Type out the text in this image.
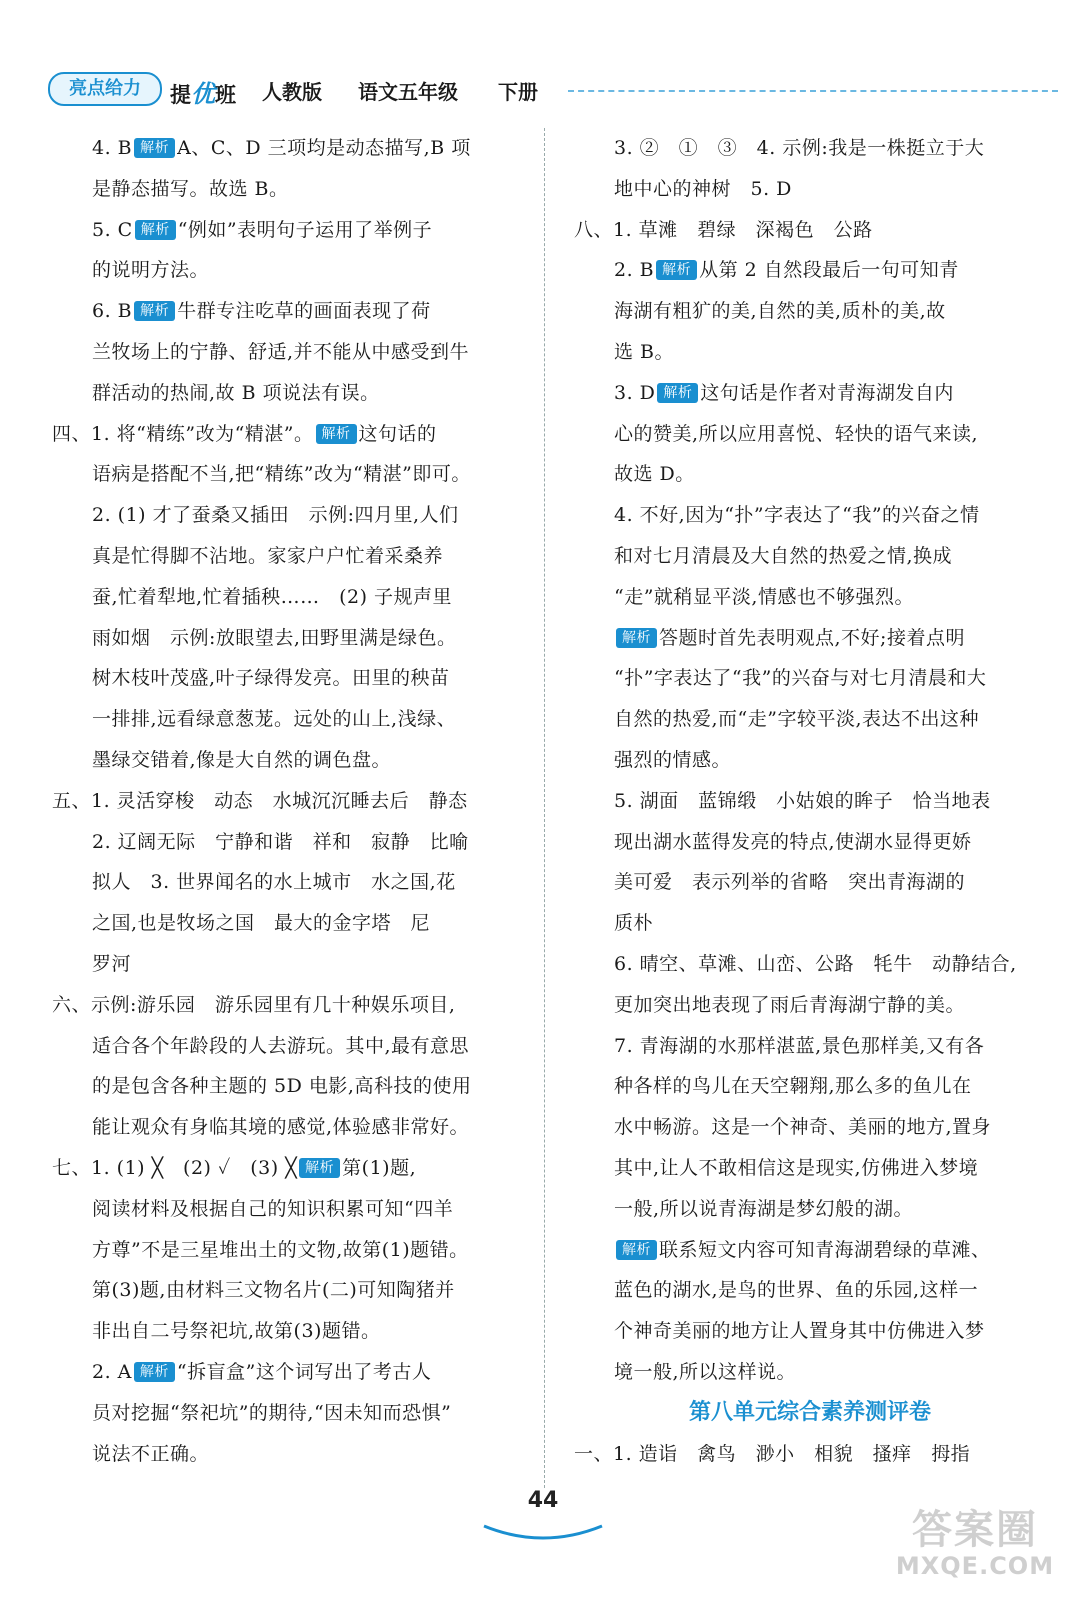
亮点给力	提优班 人教版 语文五年级 下册
4. B 解析 A、C、D 三项均是动态描写,B 项
是静态描写。故选 B。
5. C 解析 “例如”表明句子运用了举例子
的说明方法。
6. B 解析 牛群专注吃草的画面表现了荷
兰牧场上的宁静、舒适,并不能从中感受到牛
群活动的热闹,故 B 项说法有误。
四、1. 将“精练”改为“精湛”。 解析 这句话的
语病是搭配不当,把“精练”改为“精湛”即可。
2. (1) 才了蚕桑又插田　示例:四月里,人们
真是忙得脚不沾地。家家户户忙着采桑养
蚕,忙着犁地,忙着插秧……　(2) 子规声里
雨如烟　示例:放眼望去,田野里满是绿色。
树木枝叶茂盛,叶子绿得发亮。田里的秧苗
一排排,远看绿意葱茏。远处的山上,浅绿、
墨绿交错着,像是大自然的调色盘。
五、1. 灵活穿梭　动态　水城沉沉睡去后　静态
2. 辽阔无际　宁静和谐　祥和　寂静　比喻
拟人　3. 世界闻名的水上城市　水之国,花
之国,也是牧场之国　最大的金字塔　尼
罗河
六、示例:游乐园　游乐园里有几十种娱乐项目,
适合各个年龄段的人去游玩。其中,最有意思
的是包含各种主题的 5D 电影,高科技的使用
能让观众有身临其境的感觉,体验感非常好。
七、1. (1) ╳　(2) ✓　(3) ╳ 解析 第(1)题,
阅读材料及根据自己的知识积累可知“四羊
方尊”不是三星堆出土的文物,故第(1)题错。
第(3)题,由材料三文物名片(二)可知陶猪并
非出自二号祭祀坑,故第(3)题错。
2. A 解析 “拆盲盒”这个词写出了考古人
员对挖掘“祭祀坑”的期待,“因未知而恐惧”
说法不正确。
3. ②　①　③　4. 示例:我是一株挺立于大
地中心的神树　5. D
八、1. 草滩　碧绿　深褐色　公路
2. B 解析 从第 2 自然段最后一句可知青
海湖有粗犷的美,自然的美,质朴的美,故
选 B。
3. D 解析 这句话是作者对青海湖发自内
心的赞美,所以应用喜悦、轻快的语气来读,
故选 D。
4. 不好,因为“扑”字表达了“我”的兴奋之情
和对七月清晨及大自然的热爱之情,换成
“走”就稍显平淡,情感也不够强烈。
解析 答题时首先表明观点,不好;接着点明
“扑”字表达了“我”的兴奋与对七月清晨和大
自然的热爱,而“走”字较平淡,表达不出这种
强烈的情感。
5. 湖面　蓝锦缎　小姑娘的眸子　恰当地表
现出湖水蓝得发亮的特点,使湖水显得更娇
美可爱　表示列举的省略　突出青海湖的
质朴
6. 晴空、草滩、山峦、公路　牦牛　动静结合,
更加突出地表现了雨后青海湖宁静的美。
7. 青海湖的水那样湛蓝,景色那样美,又有各
种各样的鸟儿在天空翱翔,那么多的鱼儿在
水中畅游。这是一个神奇、美丽的地方,置身
其中,让人不敢相信这是现实,仿佛进入梦境
一般,所以说青海湖是梦幻般的湖。
解析 联系短文内容可知青海湖碧绿的草滩、
蓝色的湖水,是鸟的世界、鱼的乐园,这样一
个神奇美丽的地方让人置身其中仿佛进入梦
境一般,所以这样说。
第八单元综合素养测评卷
一、1. 造诣　禽鸟　渺小　相貌　搔痒　拇指
44
答案圈
MXQE.COM
